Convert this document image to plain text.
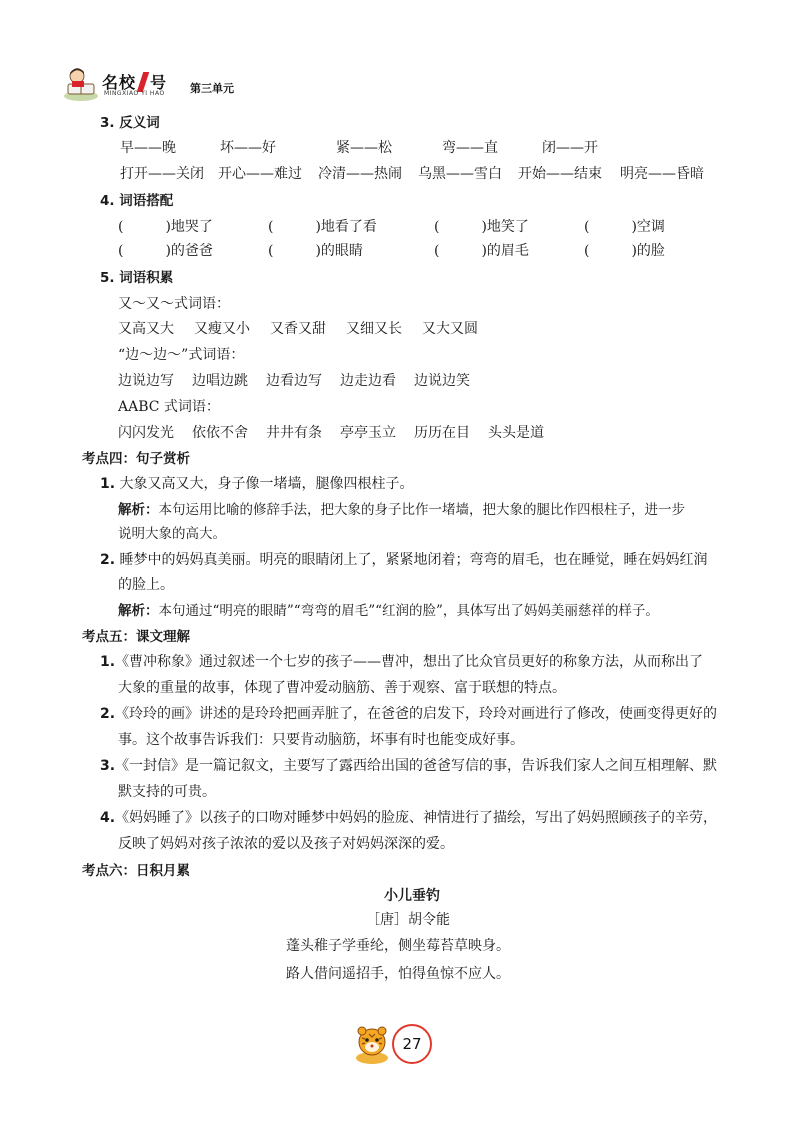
名校 号
MINGXIAO YI HAO 第三单元
3. 反义词
早——晚	坏——好	紧——松	弯——直	闭——开
打开——关闭 开心——难过 冷清——热闹 乌黑——雪白 开始——结束 明亮——昏暗
4. 词语搭配
(　　　)地哭了	(　　　)地看了看	(　　　)地笑了	(　　　)空调
(　　　)的爸爸	(　　　)的眼睛	(　　　)的眉毛	(　　　)的脸
5. 词语积累
又～又～式词语：
又高又大 又瘦又小 又香又甜 又细又长 又大又圆
“边～边～”式词语：
边说边写 边唱边跳 边看边写 边走边看 边说边笑
AABC 式词语：
闪闪发光 依依不舍 井井有条 亭亭玉立 历历在目 头头是道
考点四：句子赏析
1. 大象又高又大，身子像一堵墙，腿像四根柱子。
解析：本句运用比喻的修辞手法，把大象的身子比作一堵墙，把大象的腿比作四根柱子，进一步
说明大象的高大。
2. 睡梦中的妈妈真美丽。明亮的眼睛闭上了，紧紧地闭着；弯弯的眉毛，也在睡觉，睡在妈妈红润
的脸上。
解析：本句通过“明亮的眼睛”“弯弯的眉毛”“红润的脸”，具体写出了妈妈美丽慈祥的样子。
考点五：课文理解
1.《曹冲称象》通过叙述一个七岁的孩子——曹冲，想出了比众官员更好的称象方法，从而称出了
大象的重量的故事，体现了曹冲爱动脑筋、善于观察、富于联想的特点。
2.《玲玲的画》讲述的是玲玲把画弄脏了，在爸爸的启发下，玲玲对画进行了修改，使画变得更好的
事。这个故事告诉我们：只要肯动脑筋，坏事有时也能变成好事。
3.《一封信》是一篇记叙文，主要写了露西给出国的爸爸写信的事，告诉我们家人之间互相理解、默
默支持的可贵。
4.《妈妈睡了》以孩子的口吻对睡梦中妈妈的脸庞、神情进行了描绘，写出了妈妈照顾孩子的辛劳，
反映了妈妈对孩子浓浓的爱以及孩子对妈妈深深的爱。
考点六：日积月累
小儿垂钓
［唐］胡令能
蓬头稚子学垂纶，侧坐莓苔草映身。
路人借问遥招手，怕得鱼惊不应人。
27
